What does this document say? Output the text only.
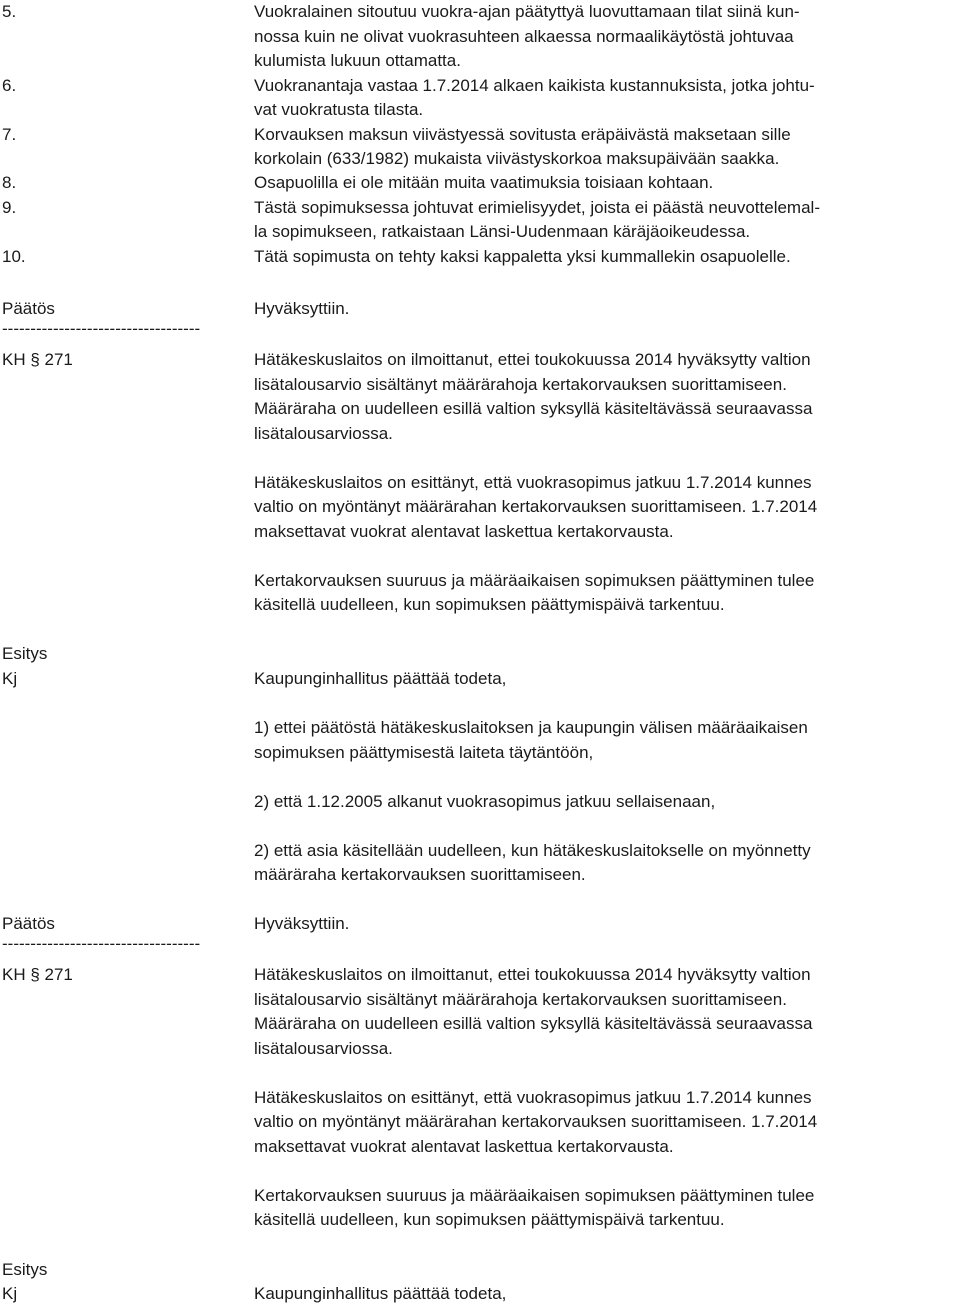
5.	Vuokralainen sitoutuu vuokra-ajan päätyttyä luovuttamaan tilat siinä kun-
nossa kuin ne olivat vuokrasuhteen alkaessa normaalikäytöstä johtuvaa
kulumista lukuun ottamatta.
6.	Vuokranantaja vastaa 1.7.2014 alkaen kaikista kustannuksista, jotka johtu-
vat vuokratusta tilasta.
7.	Korvauksen maksun viivästyessä sovitusta eräpäivästä maksetaan sille
korkolain (633/1982) mukaista viivästyskorkoa maksupäivään saakka.
8.	Osapuolilla ei ole mitään muita vaatimuksia toisiaan kohtaan.
9.	Tästä sopimuksessa johtuvat erimielisyydet, joista ei päästä neuvottelemal-
la sopimukseen, ratkaistaan Länsi-Uudenmaan käräjäoikeudessa.
10.	Tätä sopimusta on tehty kaksi kappaletta yksi kummallekin osapuolelle.
Päätös	Hyväksyttiin.
-----------------------------------
KH § 271	Hätäkeskuslaitos on ilmoittanut, ettei toukokuussa 2014 hyväksytty valtion
lisätalousarvio sisältänyt määrärahoja kertakorvauksen suorittamiseen.
Määräraha on uudelleen esillä valtion syksyllä käsiteltävässä seuraavassa
lisätalousarviossa.
Hätäkeskuslaitos on esittänyt, että vuokrasopimus jatkuu 1.7.2014 kunnes
valtio on myöntänyt määrärahan kertakorvauksen suorittamiseen. 1.7.2014
maksettavat vuokrat alentavat laskettua kertakorvausta.
Kertakorvauksen suuruus ja määräaikaisen sopimuksen päättyminen tulee
käsitellä uudelleen, kun sopimuksen päättymispäivä tarkentuu.
Esitys
Kj	Kaupunginhallitus päättää todeta,
1) ettei päätöstä hätäkeskuslaitoksen ja kaupungin välisen määräaikaisen
sopimuksen päättymisestä laiteta täytäntöön,
2) että 1.12.2005 alkanut vuokrasopimus jatkuu sellaisenaan,
2) että asia käsitellään uudelleen, kun hätäkeskuslaitokselle on myönnetty
määräraha kertakorvauksen suorittamiseen.
Päätös	Hyväksyttiin.
-----------------------------------
KH § 271	Hätäkeskuslaitos on ilmoittanut, ettei toukokuussa 2014 hyväksytty valtion
lisätalousarvio sisältänyt määrärahoja kertakorvauksen suorittamiseen.
Määräraha on uudelleen esillä valtion syksyllä käsiteltävässä seuraavassa
lisätalousarviossa.
Hätäkeskuslaitos on esittänyt, että vuokrasopimus jatkuu 1.7.2014 kunnes
valtio on myöntänyt määrärahan kertakorvauksen suorittamiseen. 1.7.2014
maksettavat vuokrat alentavat laskettua kertakorvausta.
Kertakorvauksen suuruus ja määräaikaisen sopimuksen päättyminen tulee
käsitellä uudelleen, kun sopimuksen päättymispäivä tarkentuu.
Esitys
Kj	Kaupunginhallitus päättää todeta,
